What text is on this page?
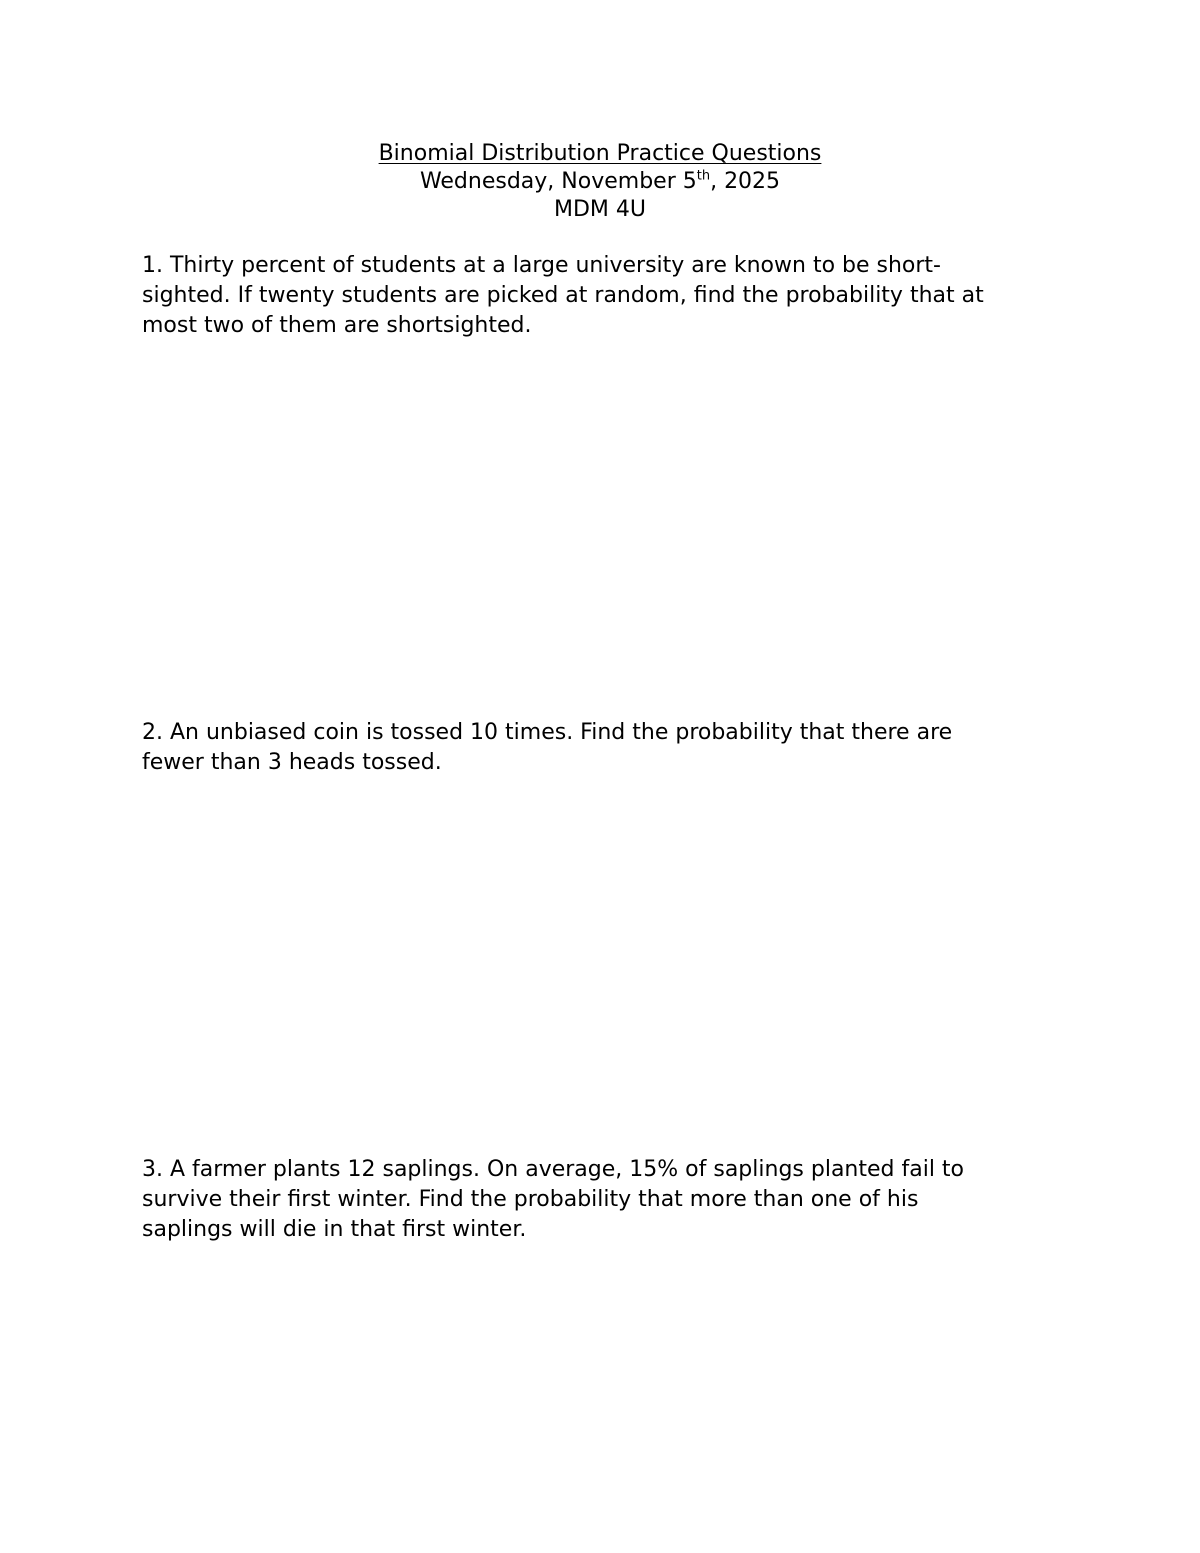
Binomial Distribution Practice Questions
Wednesday, November 5th, 2025
MDM 4U
1. Thirty percent of students at a large university are known to be short-
sighted. If twenty students are picked at random, find the probability that at
most two of them are shortsighted.
2. An unbiased coin is tossed 10 times. Find the probability that there are
fewer than 3 heads tossed.
3. A farmer plants 12 saplings. On average, 15% of saplings planted fail to
survive their first winter. Find the probability that more than one of his
saplings will die in that first winter.
